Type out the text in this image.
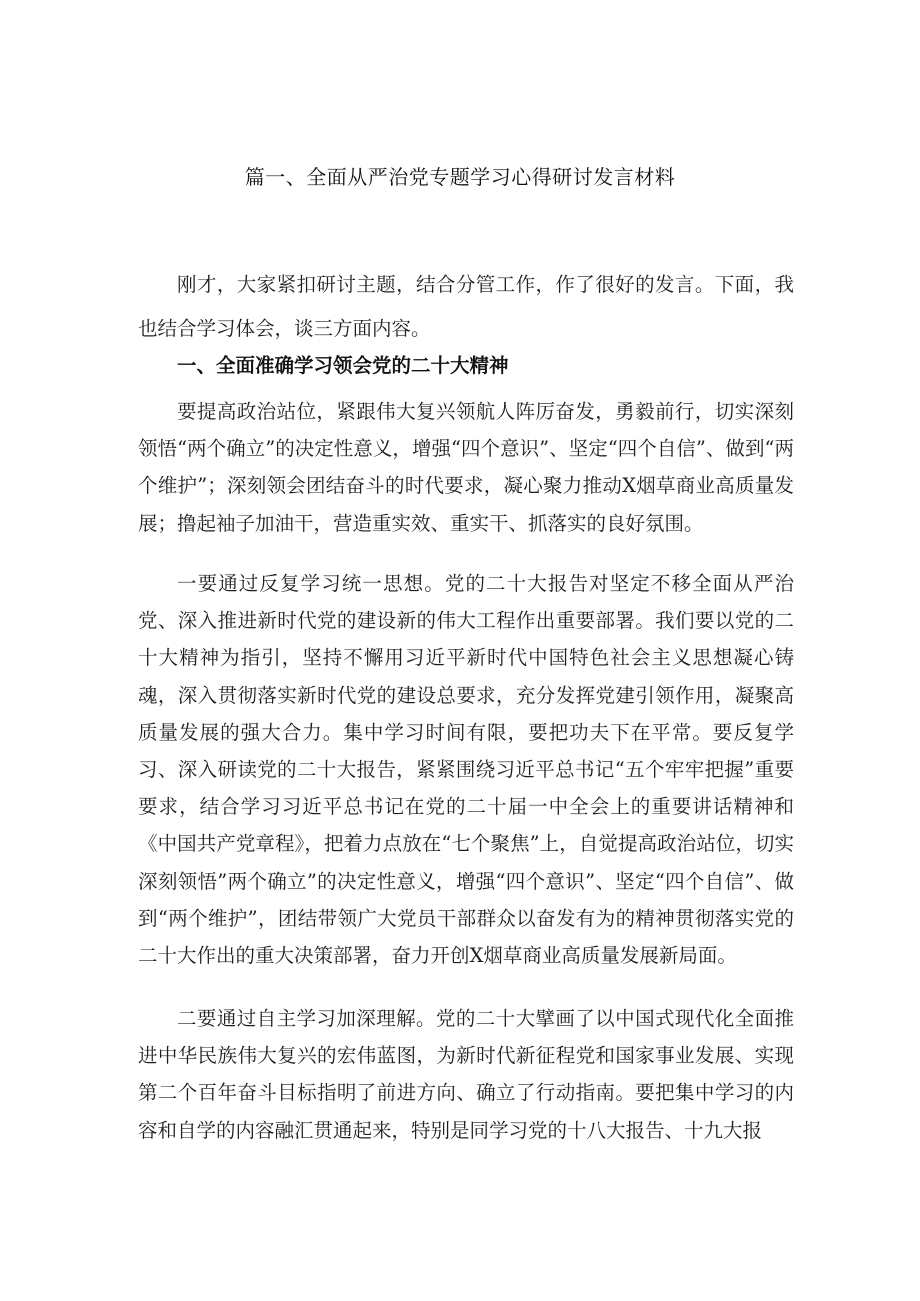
篇一、全面从严治党专题学习心得研讨发言材料

刚才，大家紧扣研讨主题，结合分管工作，作了很好的发言。下面，我也结合学习体会，谈三方面内容。

一、全面准确学习领会党的二十大精神

要提高政治站位，紧跟伟大复兴领航人阵厉奋发，勇毅前行，切实深刻领悟“两个确立”的决定性意义，增强“四个意识”、坚定“四个自信”、做到“两个维护”；深刻领会团结奋斗的时代要求，凝心聚力推动X烟草商业高质量发展；撸起袖子加油干，营造重实效、重实干、抓落实的良好氛围。

一要通过反复学习统一思想。党的二十大报告对坚定不移全面从严治党、深入推进新时代党的建设新的伟大工程作出重要部署。我们要以党的二十大精神为指引，坚持不懈用习近平新时代中国特色社会主义思想凝心铸魂，深入贯彻落实新时代党的建设总要求，充分发挥党建引领作用，凝聚高质量发展的强大合力。集中学习时间有限，要把功夫下在平常。要反复学习、深入研读党的二十大报告，紧紧围绕习近平总书记“五个牢牢把握”重要要求，结合学习习近平总书记在党的二十届一中全会上的重要讲话精神和《中国共产党章程》，把着力点放在“七个聚焦”上，自觉提高政治站位，切实深刻领悟”两个确立”的决定性意义，增强“四个意识”、坚定“四个自信”、做到“两个维护”，团结带领广大党员干部群众以奋发有为的精神贯彻落实党的二十大作出的重大决策部署，奋力开创X烟草商业高质量发展新局面。

二要通过自主学习加深理解。党的二十大擘画了以中国式现代化全面推进中华民族伟大复兴的宏伟蓝图，为新时代新征程党和国家事业发展、实现第二个百年奋斗目标指明了前进方向、确立了行动指南。要把集中学习的内容和自学的内容融汇贯通起来，特别是同学习党的十八大报告、十九大报
